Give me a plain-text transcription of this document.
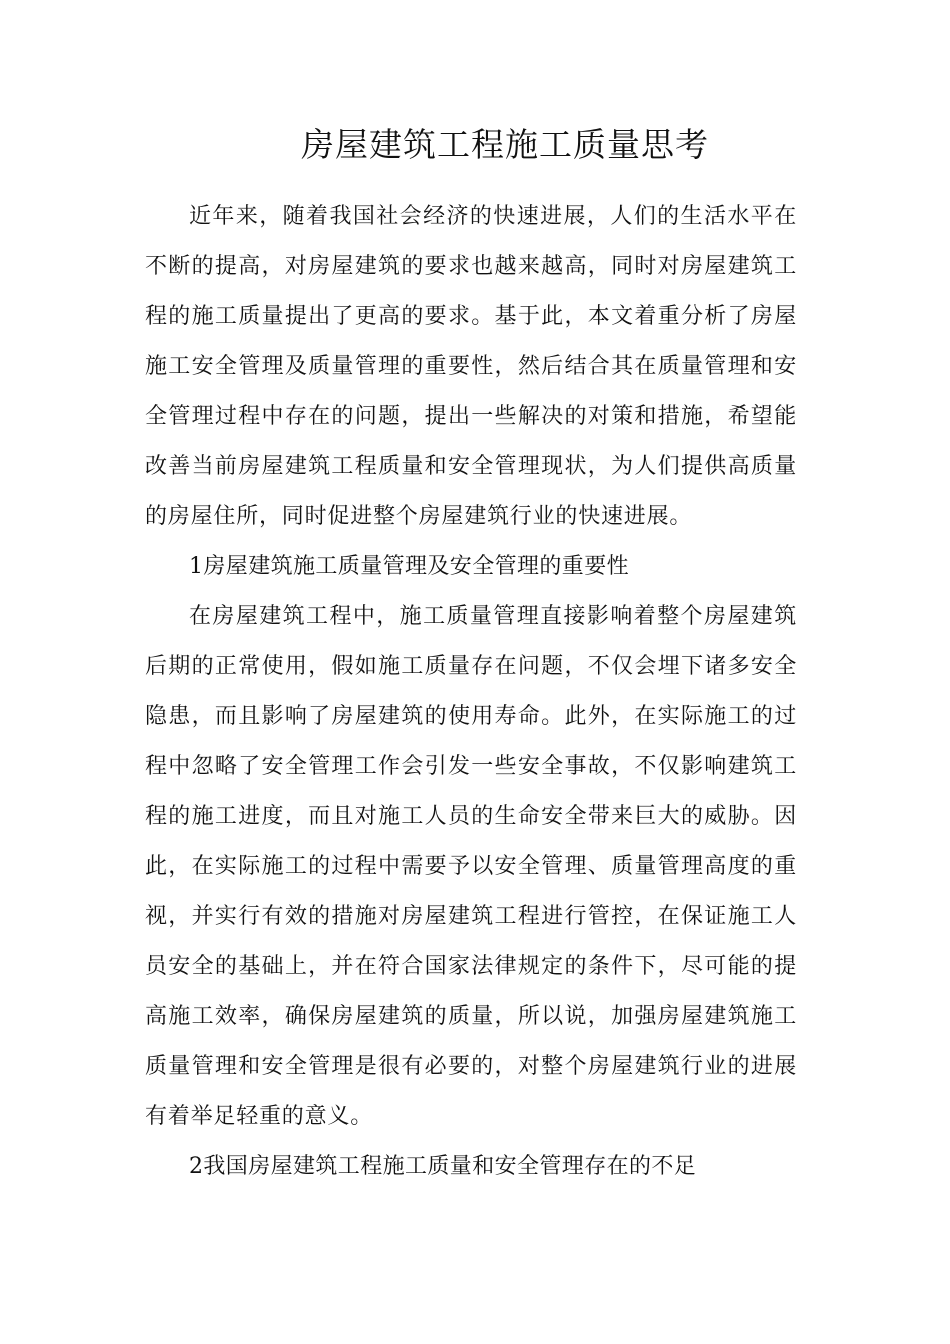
房屋建筑工程施工质量思考

近年来，随着我国社会经济的快速进展，人们的生活水平在不断的提高，对房屋建筑的要求也越来越高，同时对房屋建筑工程的施工质量提出了更高的要求。基于此，本文着重分析了房屋施工安全管理及质量管理的重要性，然后结合其在质量管理和安全管理过程中存在的问题，提出一些解决的对策和措施，希望能改善当前房屋建筑工程质量和安全管理现状，为人们提供高质量的房屋住所，同时促进整个房屋建筑行业的快速进展。

1房屋建筑施工质量管理及安全管理的重要性

在房屋建筑工程中，施工质量管理直接影响着整个房屋建筑后期的正常使用，假如施工质量存在问题，不仅会埋下诸多安全隐患，而且影响了房屋建筑的使用寿命。此外，在实际施工的过程中忽略了安全管理工作会引发一些安全事故，不仅影响建筑工程的施工进度，而且对施工人员的生命安全带来巨大的威胁。因此，在实际施工的过程中需要予以安全管理、质量管理高度的重视，并实行有效的措施对房屋建筑工程进行管控，在保证施工人员安全的基础上，并在符合国家法律规定的条件下，尽可能的提高施工效率，确保房屋建筑的质量，所以说，加强房屋建筑施工质量管理和安全管理是很有必要的，对整个房屋建筑行业的进展有着举足轻重的意义。

2我国房屋建筑工程施工质量和安全管理存在的不足
